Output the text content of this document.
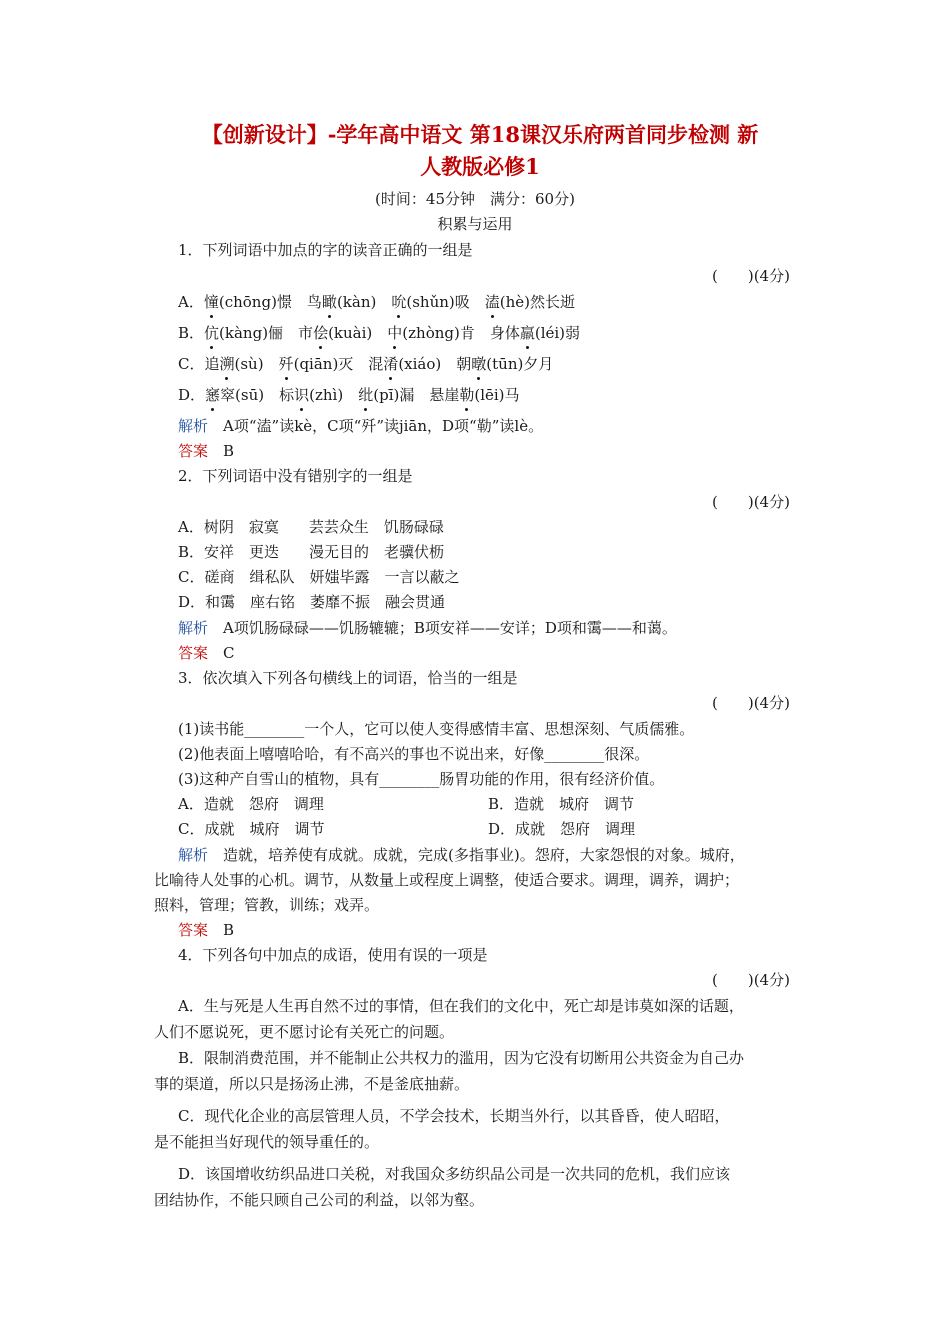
【创新设计】-学年高中语文 第18课汉乐府两首同步检测 新
人教版必修1
(时间：45分钟　满分：60分)
积累与运用
1．下列词语中加点的字的读音正确的一组是
(　　)(4分)
A．憧(chōng)憬　鸟瞰(kàn)　吮(shǔn)吸　溘(hè)然长逝
B．伉(kàng)俪　市侩(kuài)　中(zhòng)肯　身体羸(léi)弱
C．追溯(sù)　歼(qiān)灭　混淆(xiáo)　朝暾(tūn)夕月
D．窸窣(sū)　标识(zhì)　纰(pī)漏　悬崖勒(lēi)马
解析　 A项“溘”读kè，C项“歼”读jiān，D项“勒”读lè。
答案　 B
2．下列词语中没有错别字的一组是
(　　)(4分)
A．树阴　寂寞　　芸芸众生　饥肠碌碌
B．安祥　更迭　　漫无目的　老骥伏枥
C．磋商　缉私队　妍媸毕露　一言以蔽之
D．和霭　座右铭　萎靡不振　融会贯通
解析　 A项饥肠碌碌——饥肠辘辘；B项安祥——安详；D项和霭——和蔼。
答案　 C
3．依次填入下列各句横线上的词语，恰当的一组是
(　　)(4分)
(1)读书能________一个人，它可以使人变得感情丰富、思想深刻、气质儒雅。
(2)他表面上嘻嘻哈哈，有不高兴的事也不说出来，好像________很深。
(3)这种产自雪山的植物，具有________肠胃功能的作用，很有经济价值。
A．造就　怨府　调理	B．造就　城府　调节
C．成就　城府　调节	D．成就　怨府　调理
解析　 造就，培养使有成就。成就，完成(多指事业)。怨府，大家怨恨的对象。城府，
比喻待人处事的心机。调节，从数量上或程度上调整，使适合要求。调理，调养，调护；
照料，管理；管教，训练；戏弄。
答案　 B
4．下列各句中加点的成语，使用有误的一项是
(　　)(4分)
A．生与死是人生再自然不过的事情，但在我们的文化中，死亡却是讳莫如深的话题，
人们不愿说死，更不愿讨论有关死亡的问题。
B．限制消费范围，并不能制止公共权力的滥用，因为它没有切断用公共资金为自己办
事的渠道，所以只是扬汤止沸，不是釜底抽薪。
C．现代化企业的高层管理人员，不学会技术，长期当外行，以其昏昏，使人昭昭，
是不能担当好现代的领导重任的。
D．该国增收纺织品进口关税，对我国众多纺织品公司是一次共同的危机，我们应该
团结协作，不能只顾自己公司的利益，以邻为壑。
